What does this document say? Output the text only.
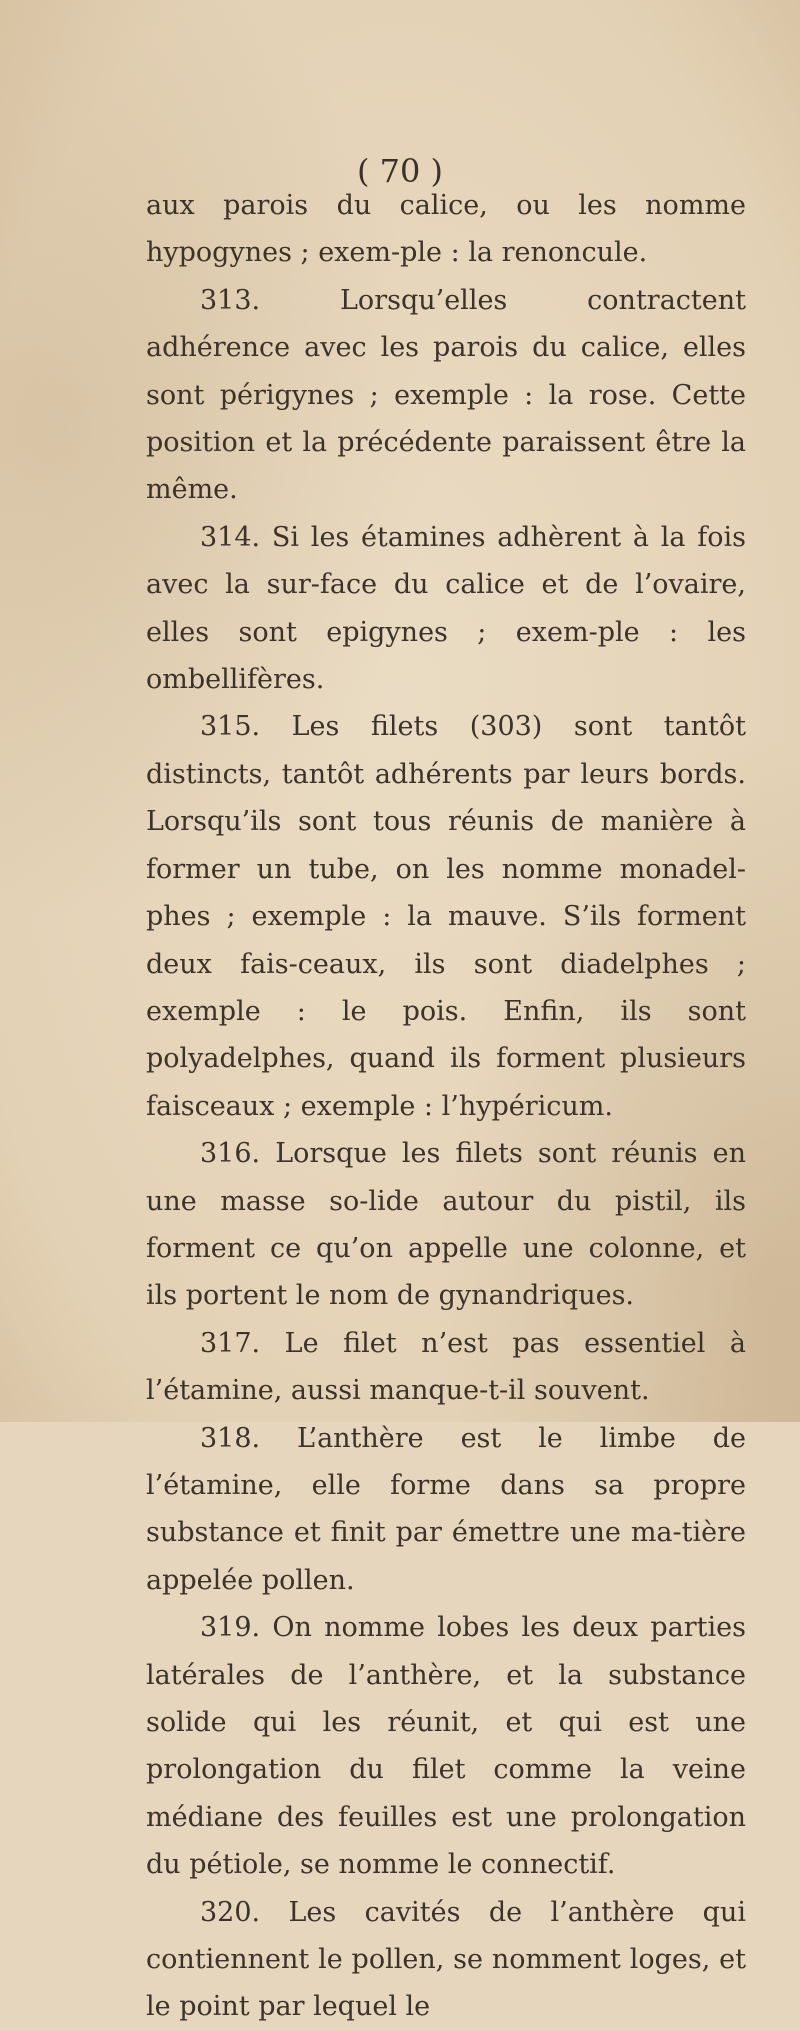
( 70 )

aux parois du calice, ou les nomme hypogynes ; exem-ple : la renoncule.

313. Lorsqu’elles contractent adhérence avec les parois du calice, elles sont périgynes ; exemple : la rose. Cette position et la précédente paraissent être la même.

314. Si les étamines adhèrent à la fois avec la sur-face du calice et de l’ovaire, elles sont epigynes ; exem-ple : les ombellifères.

315. Les filets (303) sont tantôt distincts, tantôt adhérents par leurs bords. Lorsqu’ils sont tous réunis de manière à former un tube, on les nomme monadel-phes ; exemple : la mauve. S’ils forment deux fais-ceaux, ils sont diadelphes ; exemple : le pois. Enfin, ils sont polyadelphes, quand ils forment plusieurs faisceaux ; exemple : l’hypéricum.

316. Lorsque les filets sont réunis en une masse so-lide autour du pistil, ils forment ce qu’on appelle une colonne, et ils portent le nom de gynandriques.

317. Le filet n’est pas essentiel à l’étamine, aussi manque-t-il souvent.

318. L’anthère est le limbe de l’étamine, elle forme dans sa propre substance et finit par émettre une ma-tière appelée pollen.

319. On nomme lobes les deux parties latérales de l’anthère, et la substance solide qui les réunit, et qui est une prolongation du filet comme la veine médiane des feuilles est une prolongation du pétiole, se nomme le connectif.

320. Les cavités de l’anthère qui contiennent le pollen, se nomment loges, et le point par lequel le
